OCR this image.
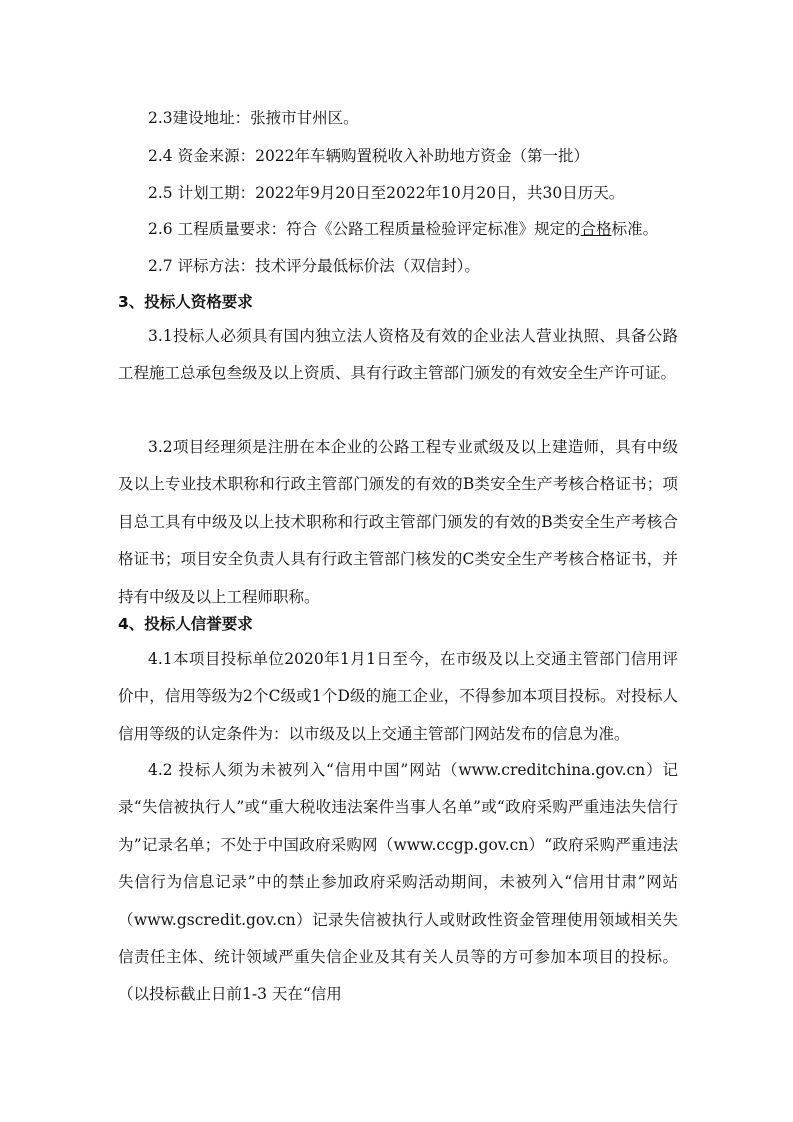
2.3建设地址：张掖市甘州区。
2.4 资金来源：2022年车辆购置税收入补助地方资金（第一批）
2.5 计划工期：2022年9月20日至2022年10月20日，共30日历天。
2.6 工程质量要求：符合《公路工程质量检验评定标准》规定的合格标准。
2.7 评标方法：技术评分最低标价法（双信封）。
3、投标人资格要求
3.1投标人必须具有国内独立法人资格及有效的企业法人营业执照、具备公路工程施工总承包叁级及以上资质、具有行政主管部门颁发的有效安全生产许可证。
3.2项目经理须是注册在本企业的公路工程专业贰级及以上建造师，具有中级及以上专业技术职称和行政主管部门颁发的有效的B类安全生产考核合格证书；项目总工具有中级及以上技术职称和行政主管部门颁发的有效的B类安全生产考核合格证书；项目安全负责人具有行政主管部门核发的C类安全生产考核合格证书，并持有中级及以上工程师职称。
4、投标人信誉要求
4.1本项目投标单位2020年1月1日至今，在市级及以上交通主管部门信用评价中，信用等级为2个C级或1个D级的施工企业，不得参加本项目投标。对投标人信用等级的认定条件为：以市级及以上交通主管部门网站发布的信息为准。
4.2 投标人须为未被列入“信用中国”网站（www.creditchina.gov.cn）记录“失信被执行人”或“重大税收违法案件当事人名单”或“政府采购严重违法失信行为”记录名单；不处于中国政府采购网（www.ccgp.gov.cn）“政府采购严重违法失信行为信息记录”中的禁止参加政府采购活动期间，未被列入“信用甘肃”网站（www.gscredit.gov.cn）记录失信被执行人或财政性资金管理使用领域相关失信责任主体、统计领域严重失信企业及其有关人员等的方可参加本项目的投标。（以投标截止日前1-3 天在“信用
